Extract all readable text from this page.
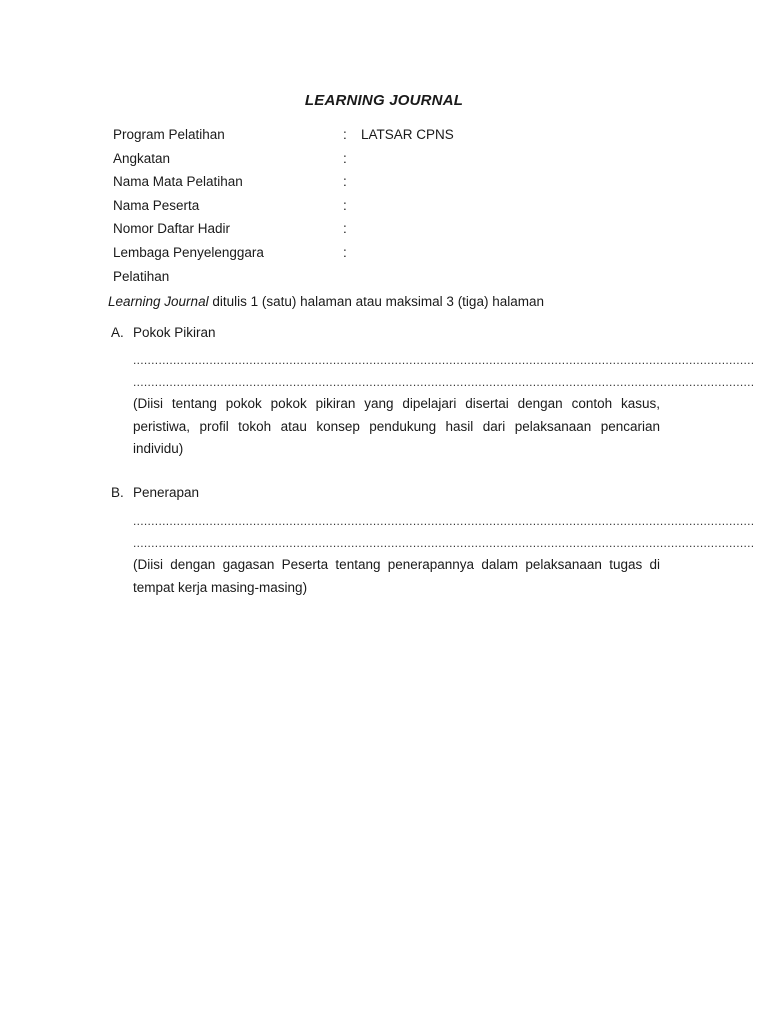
LEARNING JOURNAL
Program Pelatihan	:	LATSAR CPNS
Angkatan	:
Nama Mata Pelatihan	:
Nama Peserta	:
Nomor Daftar Hadir	:
Lembaga Penyelenggara	:
Pelatihan
Learning Journal ditulis 1 (satu) halaman atau maksimal 3 (tiga) halaman
A. Pokok Pikiran
...........................................................................................................................................................................
...........................................................................................................................................................................
(Diisi tentang pokok pokok pikiran yang dipelajari disertai dengan contoh kasus, peristiwa, profil tokoh atau konsep pendukung hasil dari pelaksanaan pencarian individu)
B. Penerapan
...........................................................................................................................................................................
...........................................................................................................................................................................
(Diisi dengan gagasan Peserta tentang penerapannya dalam pelaksanaan tugas di tempat kerja masing-masing)
